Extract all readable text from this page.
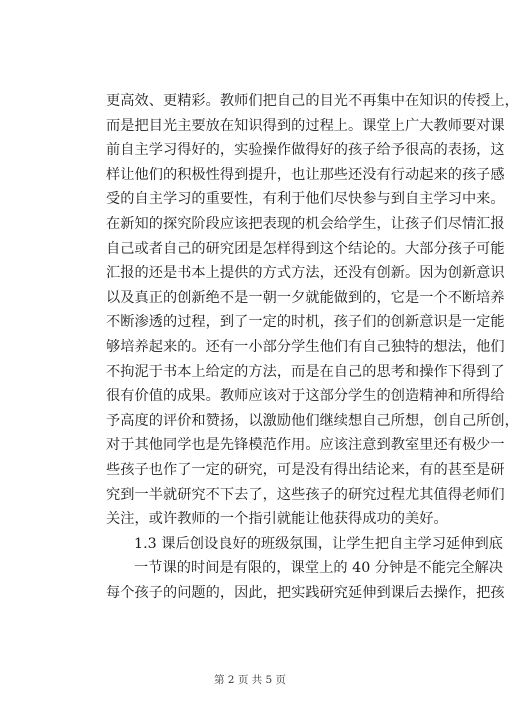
更高效、更精彩。教师们把自己的目光不再集中在知识的传授上，
而是把目光主要放在知识得到的过程上。课堂上广大教师要对课
前自主学习得好的，实验操作做得好的孩子给予很高的表扬，这
样让他们的积极性得到提升，也让那些还没有行动起来的孩子感
受的自主学习的重要性，有利于他们尽快参与到自主学习中来。
在新知的探究阶段应该把表现的机会给学生，让孩子们尽情汇报
自己或者自己的研究团是怎样得到这个结论的。大部分孩子可能
汇报的还是书本上提供的方式方法，还没有创新。因为创新意识
以及真正的创新绝不是一朝一夕就能做到的，它是一个不断培养
不断渗透的过程，到了一定的时机，孩子们的创新意识是一定能
够培养起来的。还有一小部分学生他们有自己独特的想法，他们
不拘泥于书本上给定的方法，而是在自己的思考和操作下得到了
很有价值的成果。教师应该对于这部分学生的创造精神和所得给
予高度的评价和赞扬，以激励他们继续想自己所想，创自己所创，
对于其他同学也是先锋模范作用。应该注意到教室里还有极少一
些孩子也作了一定的研究，可是没有得出结论来，有的甚至是研
究到一半就研究不下去了，这些孩子的研究过程尤其值得老师们
关注，或许教师的一个指引就能让他获得成功的美好。
1.3 课后创设良好的班级氛围，让学生把自主学习延伸到底
一节课的时间是有限的，课堂上的 40 分钟是不能完全解决
每个孩子的问题的，因此，把实践研究延伸到课后去操作，把孩
第 2 页 共 5 页
